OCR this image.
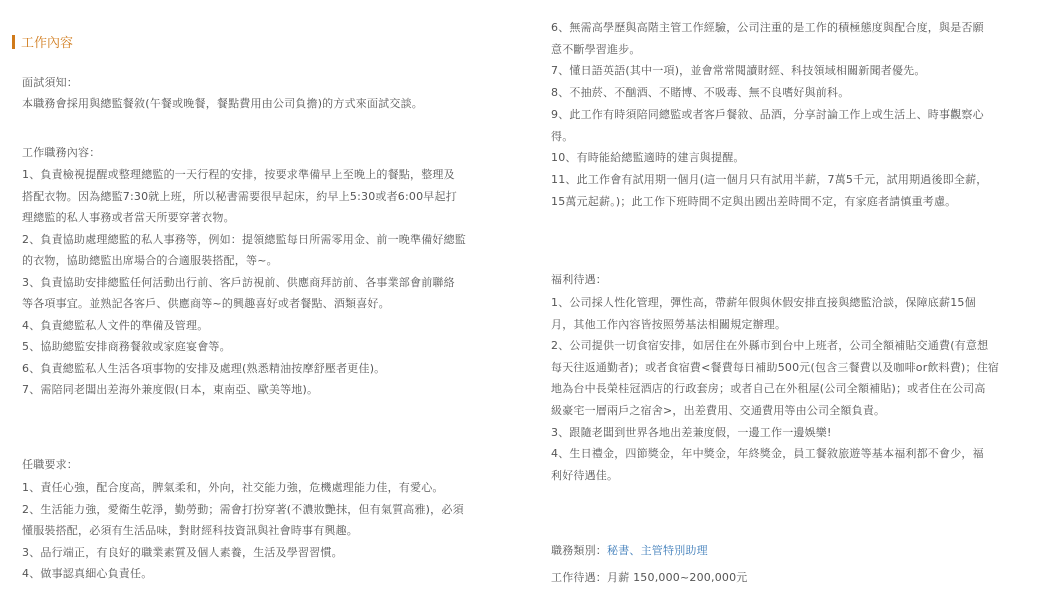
工作內容
面試須知：
本職務會採用與總監餐敘(午餐或晚餐，餐點費用由公司負擔)的方式來面試交談。
工作職務內容：
1、負責檢視提醒或整理總監的一天行程的安排，按要求準備早上至晚上的餐點，整理及
搭配衣物。因為總監7:30就上班，所以秘書需要很早起床，約早上5:30或者6:00早起打
理總監的私人事務或者當天所要穿著衣物。
2、負責協助處理總監的私人事務等，例如：提領總監每日所需零用金、前一晚準備好總監
的衣物，協助總監出席場合的合適服裝搭配，等~。
3、負責協助安排總監任何活動出行前、客戶訪視前、供應商拜訪前、各事業部會前聯絡
等各項事宜。並熟記各客戶、供應商等~的興趣喜好或者餐點、酒類喜好。
4、負責總監私人文件的準備及管理。
5、協助總監安排商務餐敘或家庭宴會等。
6、負責總監私人生活各項事物的安排及處理(熟悉精油按摩舒壓者更佳)。
7、需陪同老闆出差海外兼度假(日本，東南亞、歐美等地)。
任職要求：
1、責任心強，配合度高，脾氣柔和，外向，社交能力強，危機處理能力佳，有愛心。
2、生活能力強，愛衛生乾淨，勤勞動；需會打扮穿著(不濃妝艷抹，但有氣質高雅)，必須
懂服裝搭配，必須有生活品味，對財經科技資訊與社會時事有興趣。
3、品行端正，有良好的職業素質及個人素養，生活及學習習慣。
4、做事認真細心負責任。
6、無需高學歷與高階主管工作經驗，公司注重的是工作的積極態度與配合度，與是否願
意不斷學習進步。
7、懂日語英語(其中一項)，並會常常閱讀財經、科技領域相關新聞者優先。
8、不抽菸、不酗酒、不賭博、不吸毒、無不良嗜好與前科。
9、此工作有時須陪同總監或者客戶餐敘、品酒，分享討論工作上或生活上、時事觀察心
得。
10、有時能給總監適時的建言與提醒。
11、此工作會有試用期一個月(這一個月只有試用半薪，7萬5千元，試用期過後即全薪，
15萬元起薪。)；此工作下班時間不定與出國出差時間不定，有家庭者請慎重考慮。
福利待遇：
1、公司採人性化管理，彈性高，帶薪年假與休假安排直接與總監洽談，保障底薪15個
月，其他工作內容皆按照勞基法相關規定辦理。
2、公司提供一切食宿安排，如居住在外縣市到台中上班者，公司全額補貼交通費(有意想
每天往返通勤者)；或者食宿費<餐費每日補助500元(包含三餐費以及咖啡or飲料費)；住宿
地為台中長榮桂冠酒店的行政套房；或者自己在外租屋(公司全額補貼)；或者住在公司高
級豪宅一層兩戶之宿舍>，出差費用、交通費用等由公司全額負責。
3、跟隨老闆到世界各地出差兼度假，一邊工作一邊娛樂!
4、生日禮金，四節獎金，年中獎金，年終獎金，員工餐敘旅遊等基本福利都不會少，福
利好待遇佳。
職務類別：秘書、主管特別助理
工作待遇：月薪 150,000~200,000元
